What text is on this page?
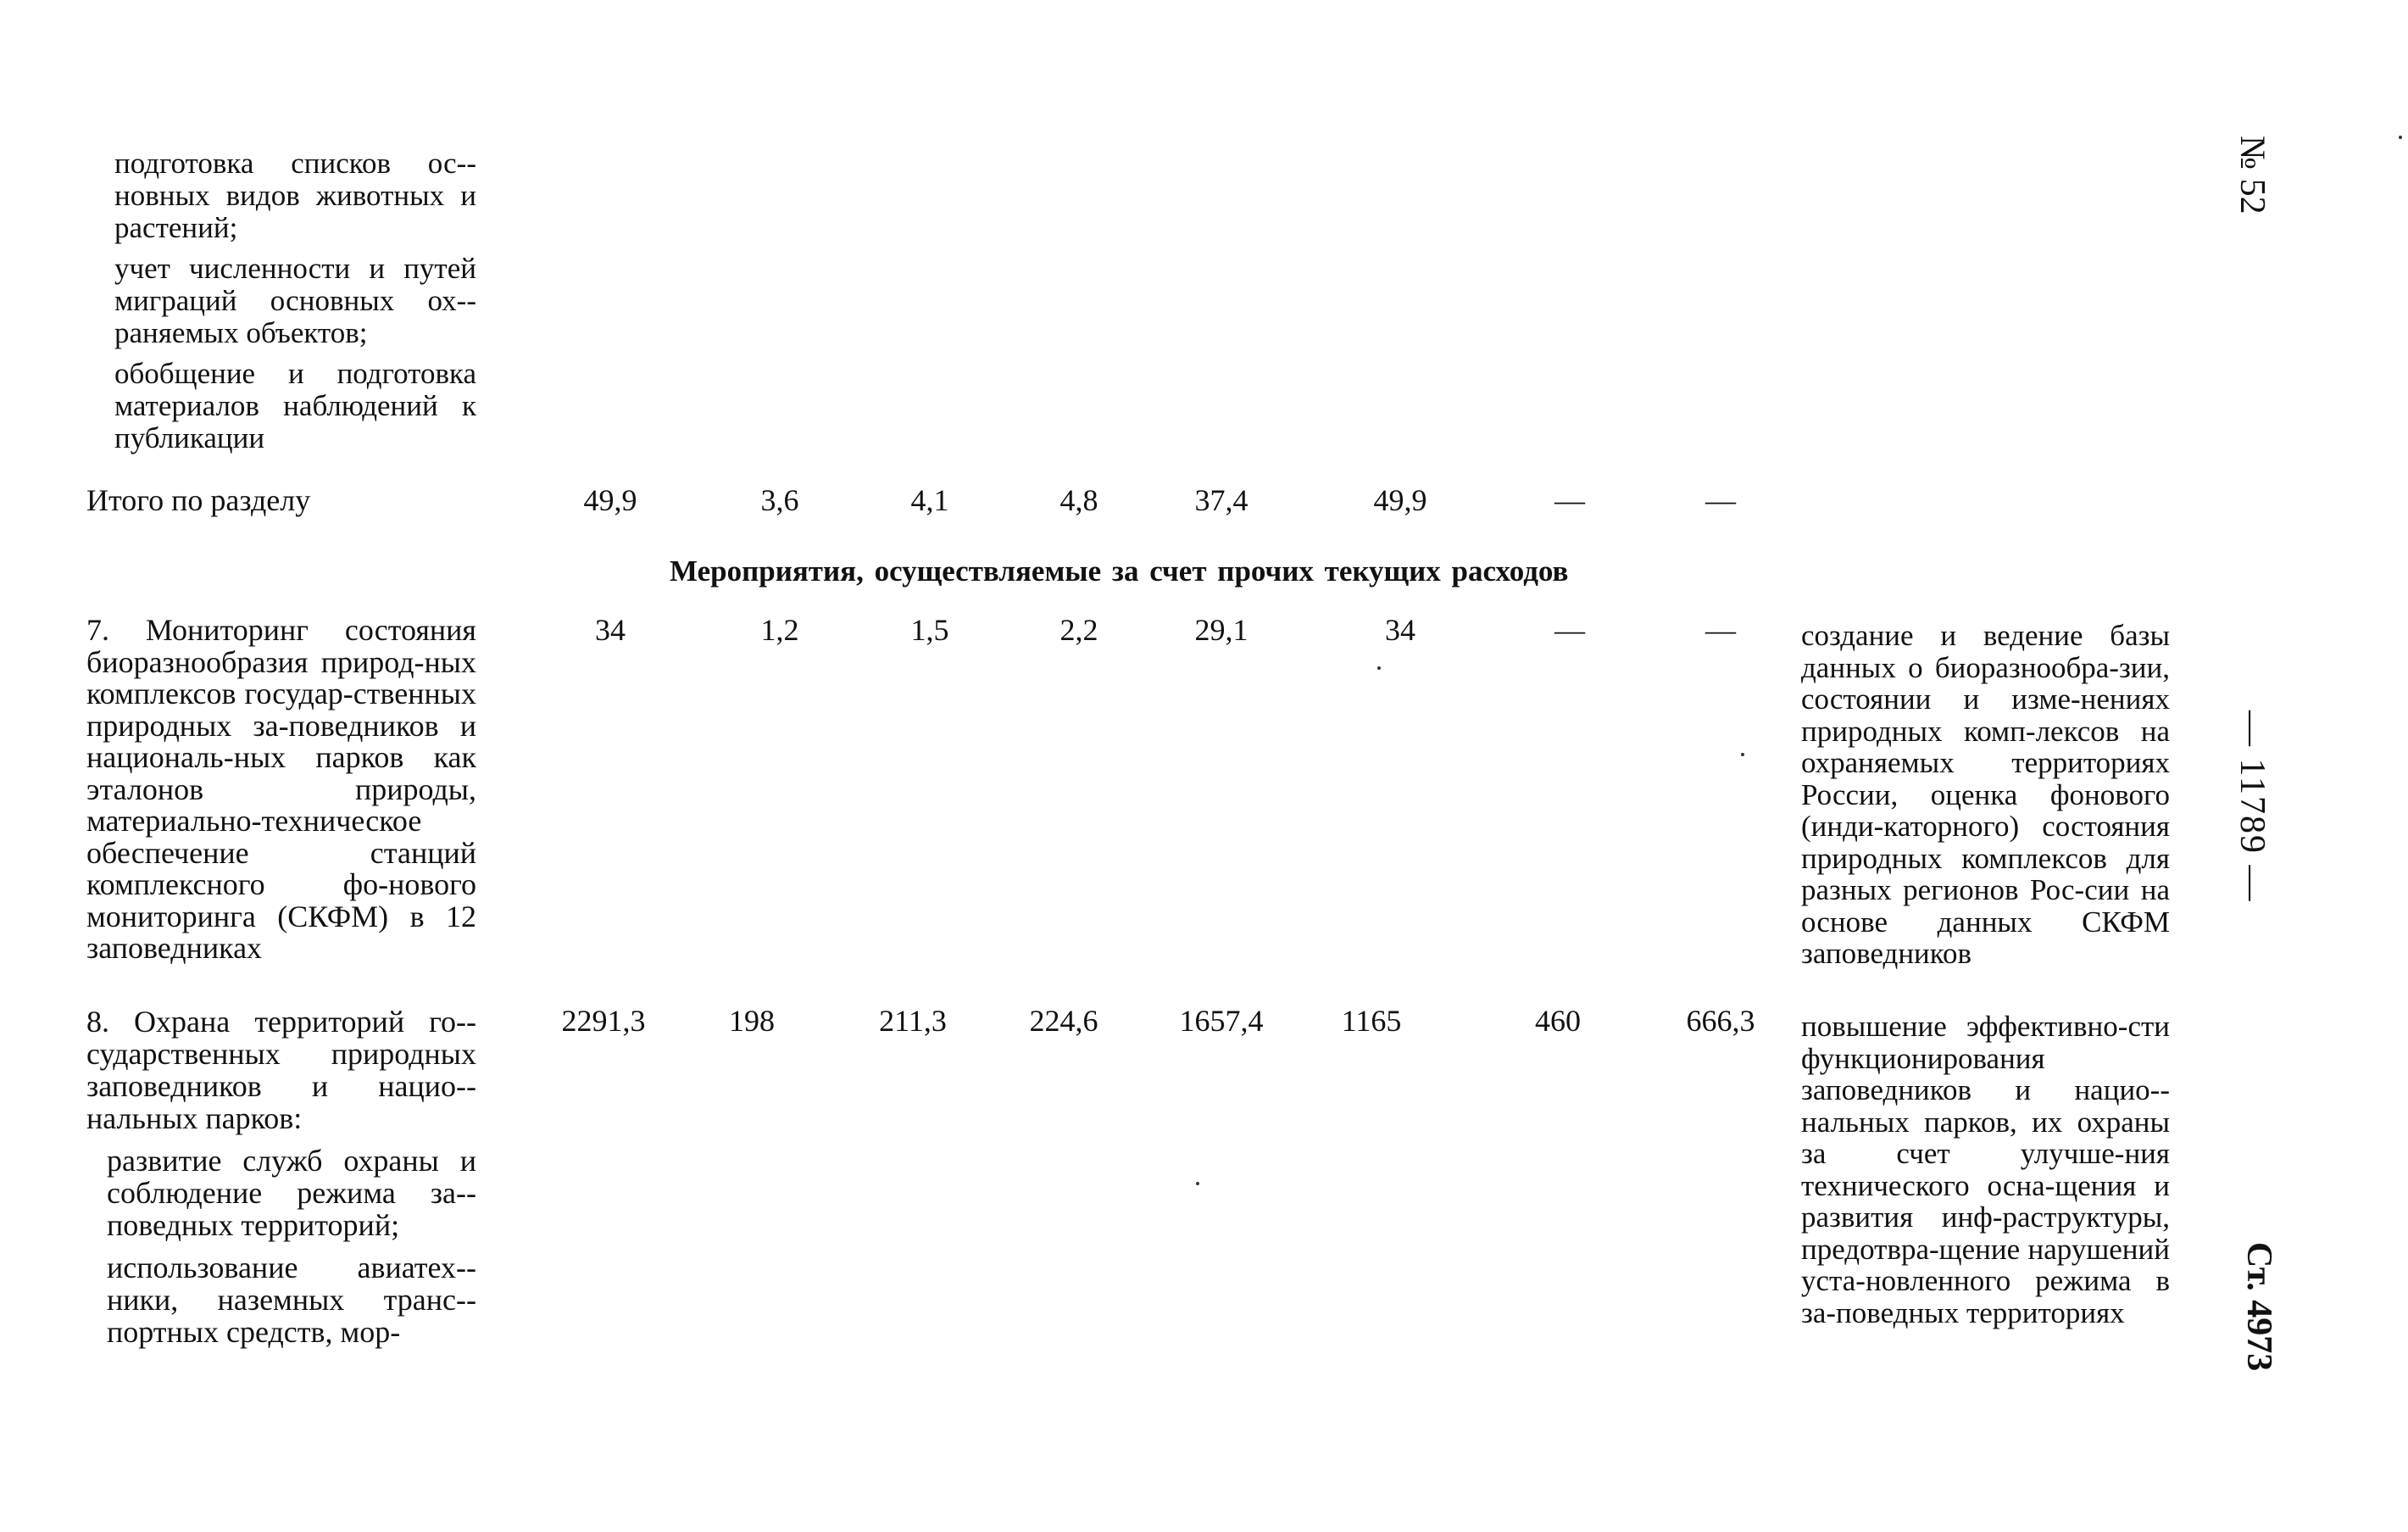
подготовка списков ос-новных видов животных и растений;

учет численности и путей миграций основных ох-раняемых объектов;

обобщение и подготовка материалов наблюдений к публикации

Итого по разделу	49,9	3,6	4,1	4,8	37,4	49,9	—	—
Мероприятия, осуществляемые за счет прочих текущих расходов

7. Мониторинг состояния биоразнообразия природ-ных комплексов государ-ственных природных за-поведников и националь-ных парков как эталонов природы, материально-техническое обеспечение станций комплексного фо-нового мониторинга (СКФМ) в 12 заповедниках

34	1,2	1,5	2,2	29,1	34	—	—	создание и ведение базы данных о биоразнообра-зии, состоянии и изме-нениях природных комп-лексов на охраняемых территориях России, оценка фонового (инди-каторного) состояния природных комплексов для разных регионов Рос-сии на основе данных СКФМ заповедников

8. Охрана территорий го-сударственных природных заповедников и нацио-нальных парков:

развитие служб охраны и соблюдение режима за-поведных территорий;

использование авиатех-ники, наземных транс-портных средств, мор-

2291,3	198	211,3	224,6	1657,4	1165	460	666,3	повышение эффективно-сти функционирования заповедников и нацио-нальных парков, их охраны за счет улучше-ния технического осна-щения и развития инф-раструктуры, предотвра-щение нарушений уста-новленного режима в за-поведных территориях
№ 52
— 11789 —
Ст. 4973
